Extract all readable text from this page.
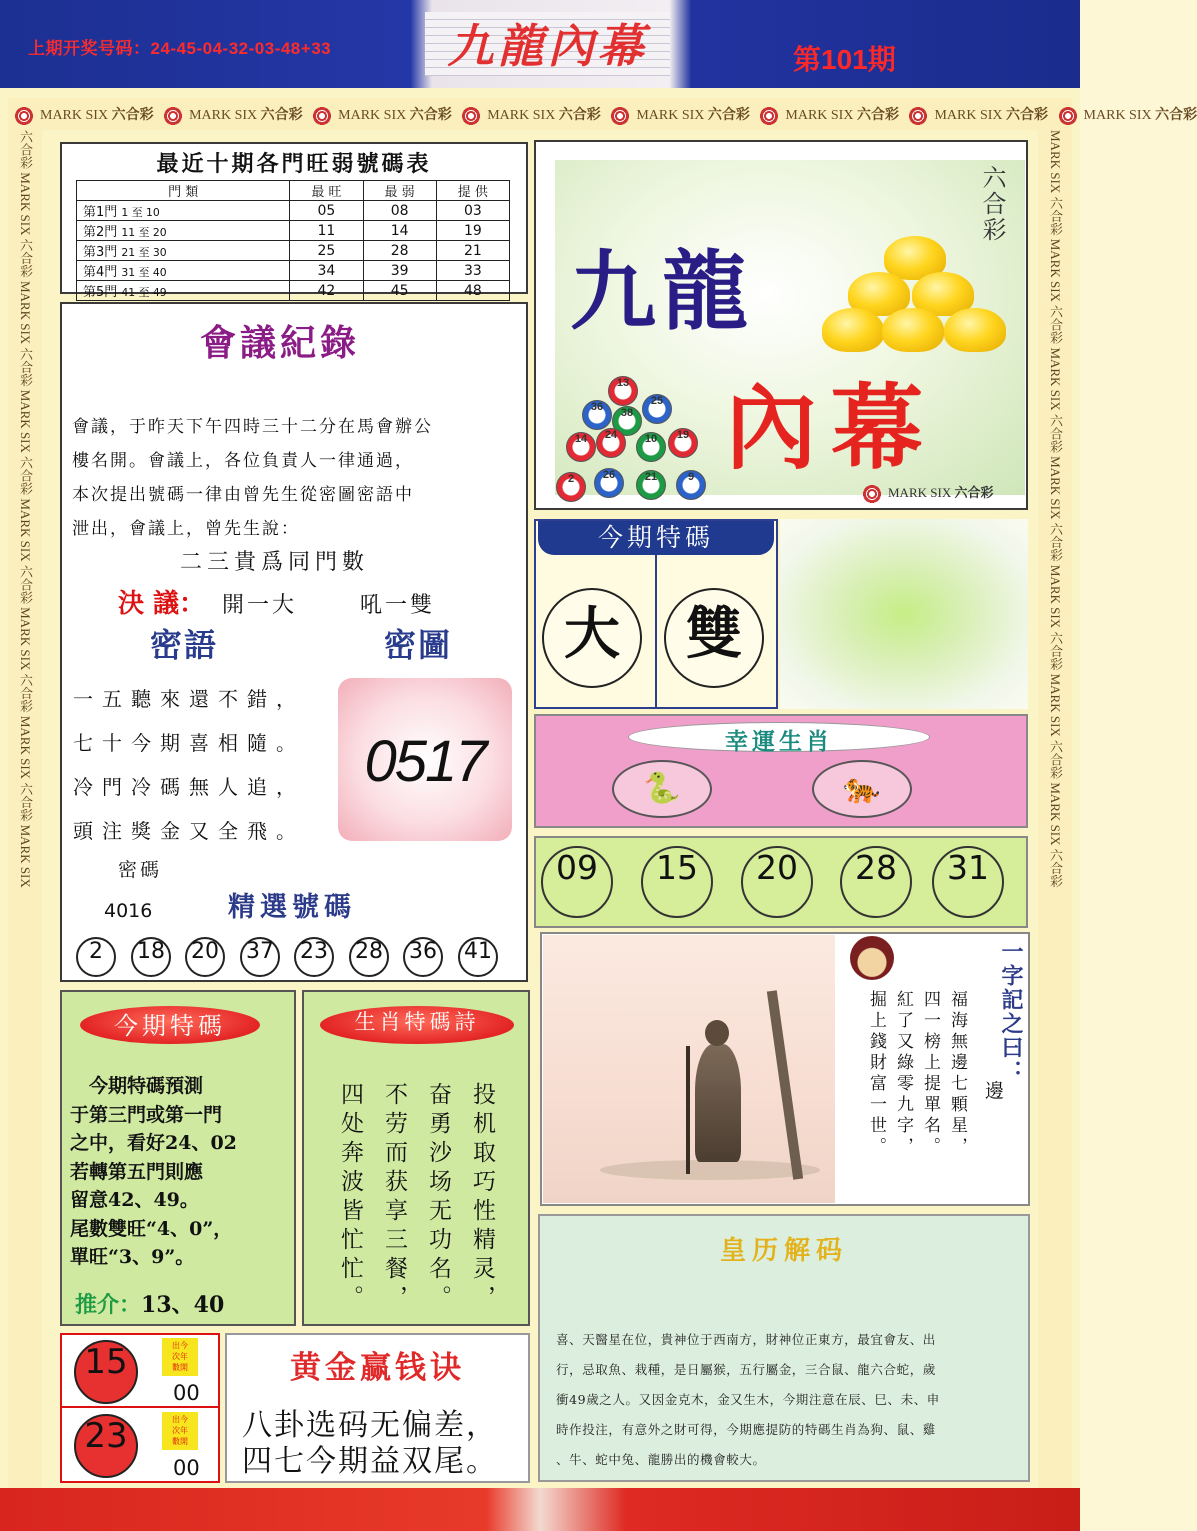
上期开奖号码：24-45-04-32-03-48+33	九龍內幕	第101期
MARK SIX 六合彩	MARK SIX 六合彩	MARK SIX 六合彩	MARK SIX 六合彩	MARK SIX 六合彩	MARK SIX 六合彩	MARK SIX 六合彩	MARK SIX 六合彩
六合彩 MARK SIX 六合彩 MARK SIX 六合彩 MARK SIX 六合彩 MARK SIX 六合彩 MARK SIX 六合彩 MARK SIX 六合彩 MARK SIX
MARK SIX 六合彩 MARK SIX 六合彩 MARK SIX 六合彩 MARK SIX 六合彩 MARK SIX 六合彩 MARK SIX 六合彩 MARK SIX 六合彩
最近十期各門旺弱號碼表
門 類	最 旺	最 弱	提 供
第1門 1 至 10	05	08	03
第2門 11 至 20	11	14	19
第3門 21 至 30	25	28	21
第4門 31 至 40	34	39	33
第5門 41 至 49	42	45	48
會議紀錄
會議，于昨天下午四時三十二分在馬會辦公
樓名開。會議上，各位負責人一律通過，
本次提出號碼一律由曾先生從密圖密語中
泄出，會議上，曾先生說：
二三貴爲同門數
決 議： 開一大	吼一雙
密語	密圖
一五聽來還不錯，
七十今期喜相隨。
冷門冷碼無人追，
頭注獎金又全飛。
0517
密碼
4016	精選號碼
2	18 20 37 23 28 36 41
六合彩
九龍
內幕
13
36	38
25
24	10
14	19
2	26	21	9
MARK SIX 六合彩
今期特碼
大	雙
幸運生肖
🐍	🐅
09	15	20	28	31
福海無邊七顆星，
四一榜上提單名。
紅了又綠零九字，
掘上錢財富一世。	一字記之曰：
邊
皇历解码
喜、天醫星在位，貴神位于西南方，財神位正東方，最宜會友、出
行，忌取魚、栽種，是日屬猴，五行屬金，三合鼠、龍六合蛇，歲
衝49歲之人。又因金克木，金又生木，今期注意在辰、巳、未、申
時作投注，有意外之財可得，今期應提防的特碼生肖為狗、鼠、雞
、牛、蛇中兔、龍勝出的機會較大。
今期特碼
　今期特碼預測
于第三門或第一門
之中，看好24、02
若轉第五門則應
留意42、49。
尾數雙旺“4、0”，
單旺“3、9”。
推介：13、40
生肖特碼詩
投机取巧性精灵，
奋勇沙场无功名。
不劳而获享三餐，
四处奔波皆忙忙。
15	出今
次年
數開
00
23	出今
次年
數開
00
黄金赢钱诀
八卦选码无偏差，
四七今期益双尾。
